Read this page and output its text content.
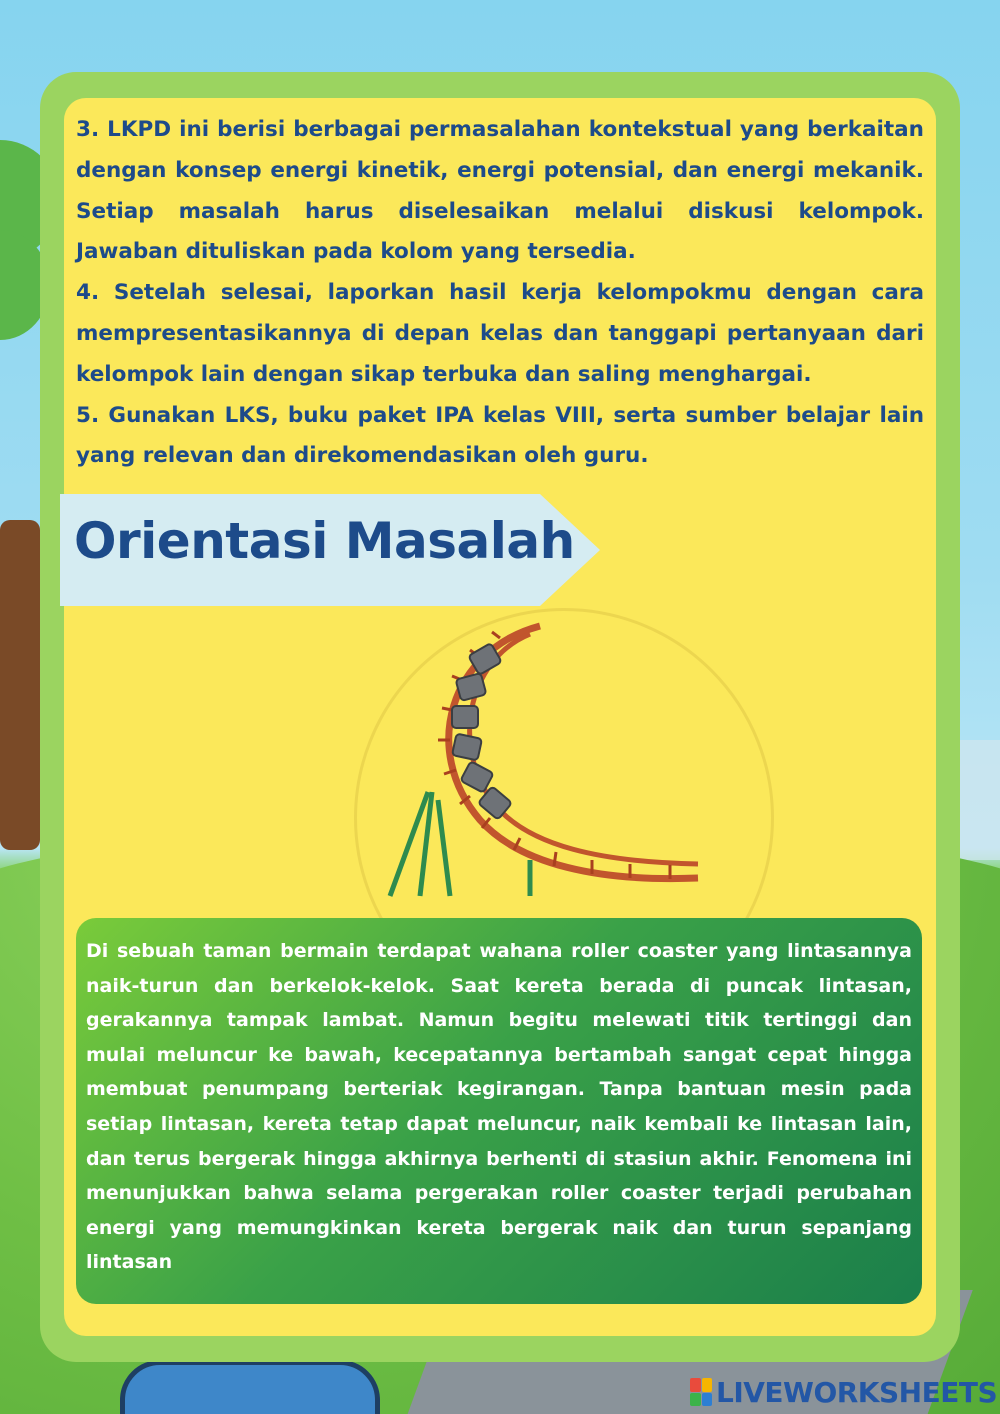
3. LKPD ini berisi berbagai permasalahan kontekstual yang berkaitan dengan konsep energi kinetik, energi potensial, dan energi mekanik. Setiap masalah harus diselesaikan melalui diskusi kelompok. Jawaban dituliskan pada kolom yang tersedia.

4. Setelah selesai, laporkan hasil kerja kelompokmu dengan cara mempresentasikannya di depan kelas dan tanggapi pertanyaan dari kelompok lain dengan sikap terbuka dan saling menghargai.

5. Gunakan LKS, buku paket IPA kelas VIII, serta sumber belajar lain yang relevan dan direkomendasikan oleh guru.

Orientasi Masalah
Di sebuah taman bermain terdapat wahana roller coaster yang lintasannya naik-turun dan berkelok-kelok. Saat kereta berada di puncak lintasan, gerakannya tampak lambat. Namun begitu melewati titik tertinggi dan mulai meluncur ke bawah, kecepatannya bertambah sangat cepat hingga membuat penumpang berteriak kegirangan. Tanpa bantuan mesin pada setiap lintasan, kereta tetap dapat meluncur, naik kembali ke lintasan lain, dan terus bergerak hingga akhirnya berhenti di stasiun akhir. Fenomena ini menunjukkan bahwa selama pergerakan roller coaster terjadi perubahan energi yang memungkinkan kereta bergerak naik dan turun sepanjang lintasan
LIVEWORKSHEETS
